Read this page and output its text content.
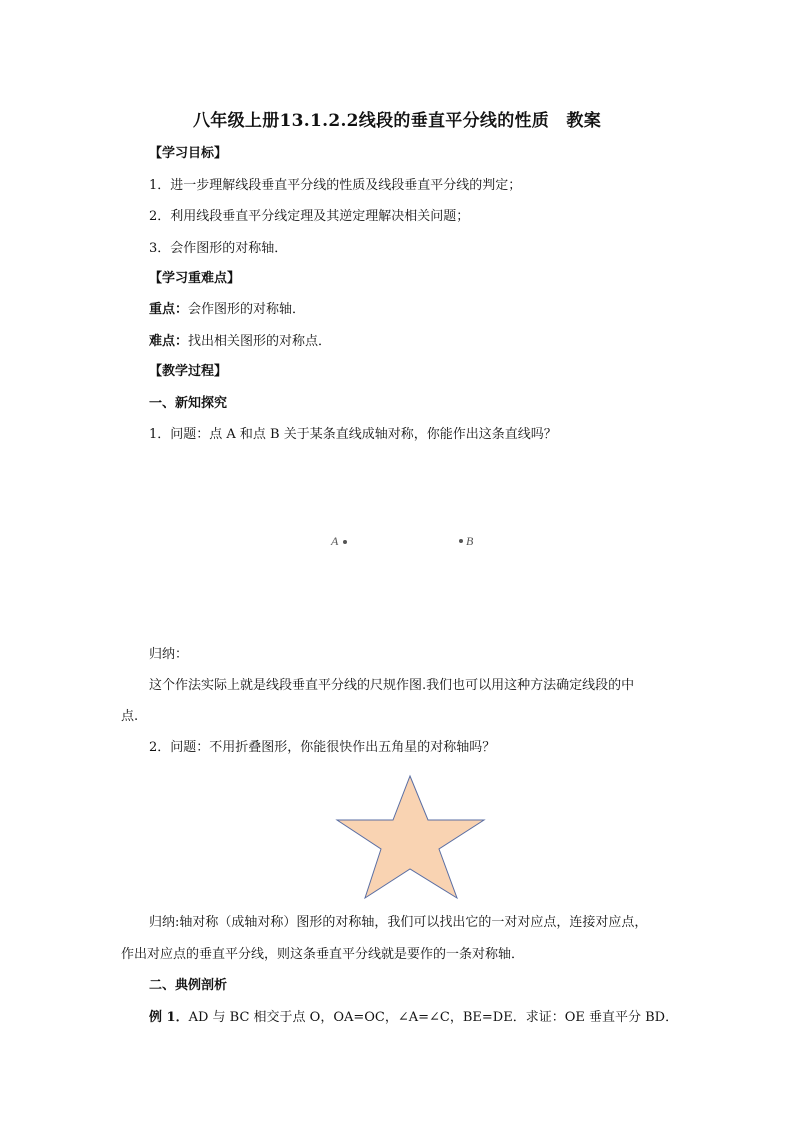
八年级上册13.1.2.2线段的垂直平分线的性质　教案
【学习目标】
1．进一步理解线段垂直平分线的性质及线段垂直平分线的判定；
2．利用线段垂直平分线定理及其逆定理解决相关问题；
3．会作图形的对称轴．
【学习重难点】
重点：会作图形的对称轴．
难点：找出相关图形的对称点．
【教学过程】
一、新知探究
1．问题：点 A 和点 B 关于某条直线成轴对称，你能作出这条直线吗？
A	B
归纳：
这个作法实际上就是线段垂直平分线的尺规作图.我们也可以用这种方法确定线段的中
点.
2．问题：不用折叠图形，你能很快作出五角星的对称轴吗？
归纳:轴对称（成轴对称）图形的对称轴，我们可以找出它的一对对应点，连接对应点，
作出对应点的垂直平分线，则这条垂直平分线就是要作的一条对称轴．
二、典例剖析
例 1．AD 与 BC 相交于点 O，OA=OC，∠A=∠C，BE=DE．求证：OE 垂直平分 BD．
